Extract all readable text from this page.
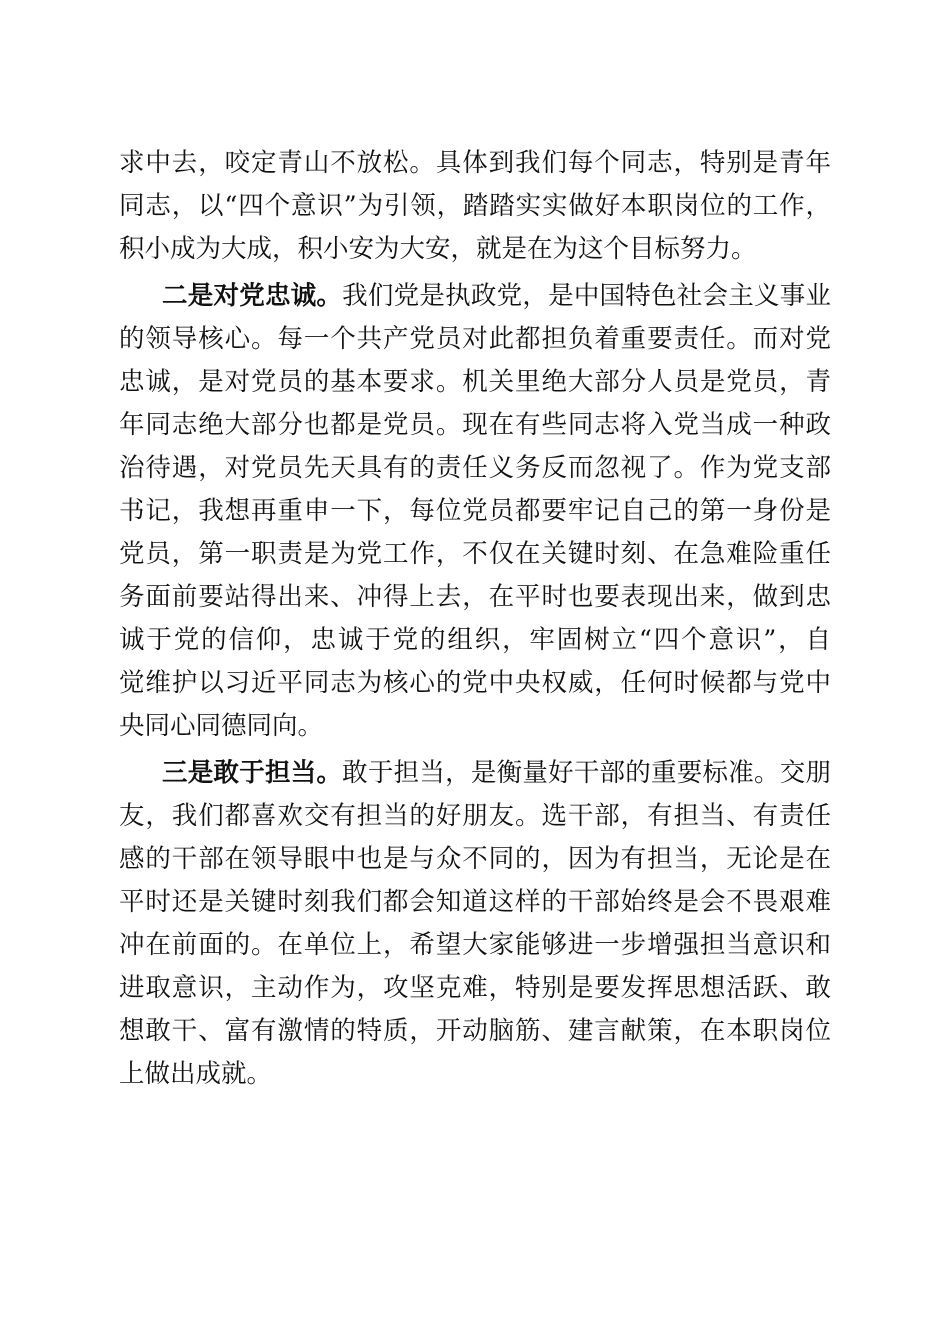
求中去，咬定青山不放松。具体到我们每个同志，特别是青年
同志，以“四个意识”为引领，踏踏实实做好本职岗位的工作，
积小成为大成，积小安为大安，就是在为这个目标努力。
二是对党忠诚。我们党是执政党，是中国特色社会主义事业
的领导核心。每一个共产党员对此都担负着重要责任。而对党
忠诚，是对党员的基本要求。机关里绝大部分人员是党员，青
年同志绝大部分也都是党员。现在有些同志将入党当成一种政
治待遇，对党员先天具有的责任义务反而忽视了。作为党支部
书记，我想再重申一下，每位党员都要牢记自己的第一身份是
党员，第一职责是为党工作，不仅在关键时刻、在急难险重任
务面前要站得出来、冲得上去，在平时也要表现出来，做到忠
诚于党的信仰，忠诚于党的组织，牢固树立“四个意识”，自
觉维护以习近平同志为核心的党中央权威，任何时候都与党中
央同心同德同向。
三是敢于担当。敢于担当，是衡量好干部的重要标准。交朋
友，我们都喜欢交有担当的好朋友。选干部，有担当、有责任
感的干部在领导眼中也是与众不同的，因为有担当，无论是在
平时还是关键时刻我们都会知道这样的干部始终是会不畏艰难
冲在前面的。在单位上，希望大家能够进一步增强担当意识和
进取意识，主动作为，攻坚克难，特别是要发挥思想活跃、敢
想敢干、富有激情的特质，开动脑筋、建言献策，在本职岗位
上做出成就。
